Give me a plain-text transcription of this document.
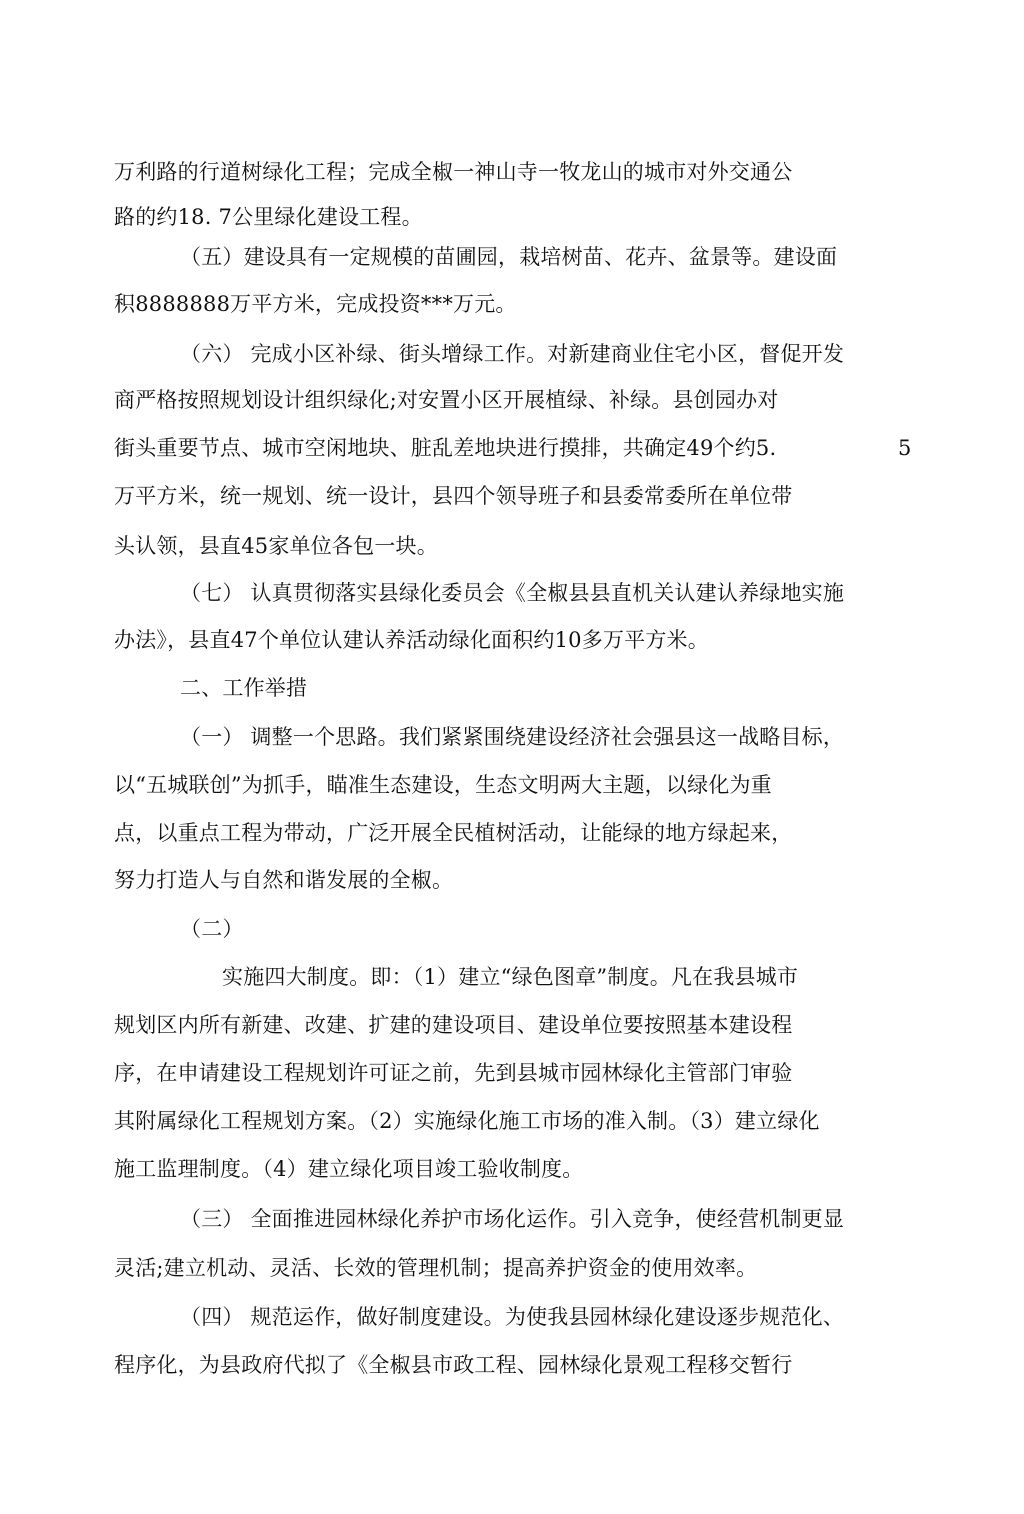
万利路的行道树绿化工程；完成全椒一神山寺一牧龙山的城市对外交通公
路的约18. 7公里绿化建设工程。
（五）建设具有一定规模的苗圃园，栽培树苗、花卉、盆景等。建设面
积8888888万平方米，完成投资***万元。
（六） 完成小区补绿、街头增绿工作。对新建商业住宅小区，督促开发
商严格按照规划设计组织绿化;对安置小区开展植绿、补绿。县创园办对
街头重要节点、城市空闲地块、脏乱差地块进行摸排，共确定49个约5.	5
万平方米，统一规划、统一设计，县四个领导班子和县委常委所在单位带
头认领，县直45家单位各包一块。
（七） 认真贯彻落实县绿化委员会《全椒县县直机关认建认养绿地实施
办法》，县直47个单位认建认养活动绿化面积约10多万平方米。
二、工作举措
（一） 调整一个思路。我们紧紧围绕建设经济社会强县这一战略目标，
以“五城联创”为抓手，瞄准生态建设，生态文明两大主题，以绿化为重
点，以重点工程为带动，广泛开展全民植树活动，让能绿的地方绿起来，
努力打造人与自然和谐发展的全椒。
（二）
实施四大制度。即：（1）建立“绿色图章”制度。凡在我县城市
规划区内所有新建、改建、扩建的建设项目、建设单位要按照基本建设程
序，在申请建设工程规划许可证之前，先到县城市园林绿化主管部门审验
其附属绿化工程规划方案。（2）实施绿化施工市场的准入制。（3）建立绿化
施工监理制度。（4）建立绿化项目竣工验收制度。
（三） 全面推进园林绿化养护市场化运作。引入竞争，使经营机制更显
灵活;建立机动、灵活、长效的管理机制；提高养护资金的使用效率。
（四） 规范运作，做好制度建设。为使我县园林绿化建设逐步规范化、
程序化，为县政府代拟了《全椒县市政工程、园林绿化景观工程移交暂行
